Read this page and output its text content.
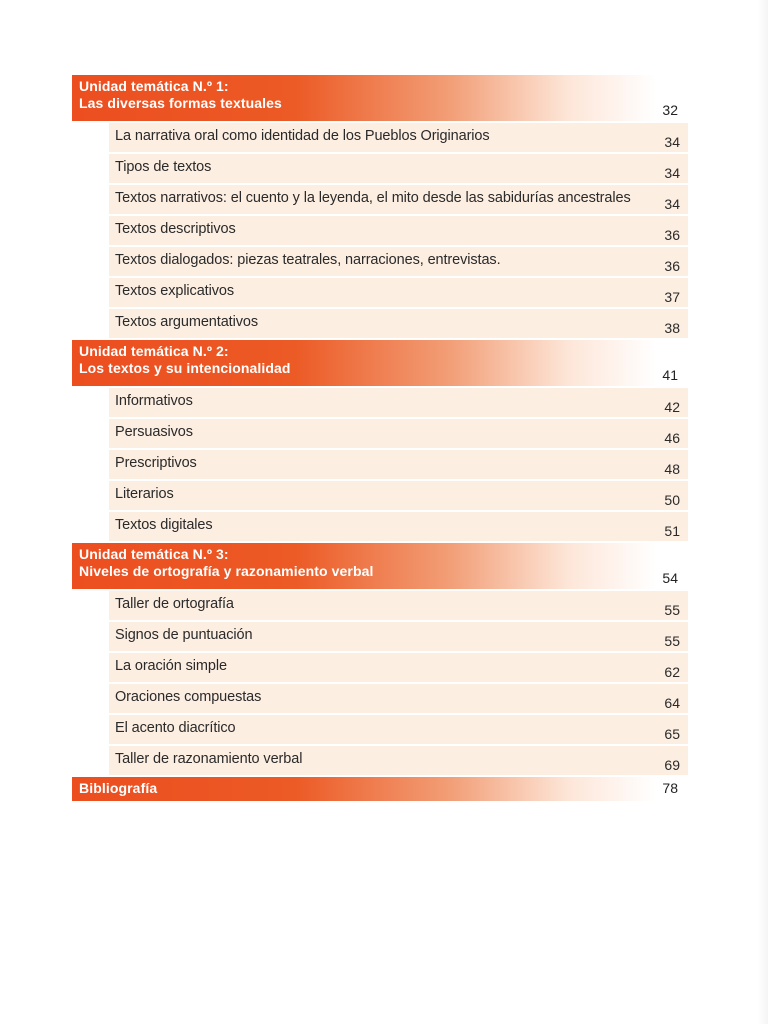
Unidad temática N.º 1:
Las diversas formas textuales	32
La narrativa oral como identidad de los Pueblos Originarios	34
Tipos de textos	34
Textos narrativos: el cuento y la leyenda, el mito desde las sabidurías ancestrales 34
Textos descriptivos	36
Textos dialogados: piezas teatrales, narraciones, entrevistas.	36
Textos explicativos	37
Textos argumentativos	38
Unidad temática N.º 2:
Los textos y su intencionalidad	41
Informativos	42
Persuasivos	46
Prescriptivos	48
Literarios	50
Textos digitales	51
Unidad temática N.º 3:
Niveles de ortografía y razonamiento verbal	54
Taller de ortografía	55
Signos de puntuación	55
La oración simple	62
Oraciones compuestas	64
El acento diacrítico	65
Taller de razonamiento verbal	69
Bibliografía	78
